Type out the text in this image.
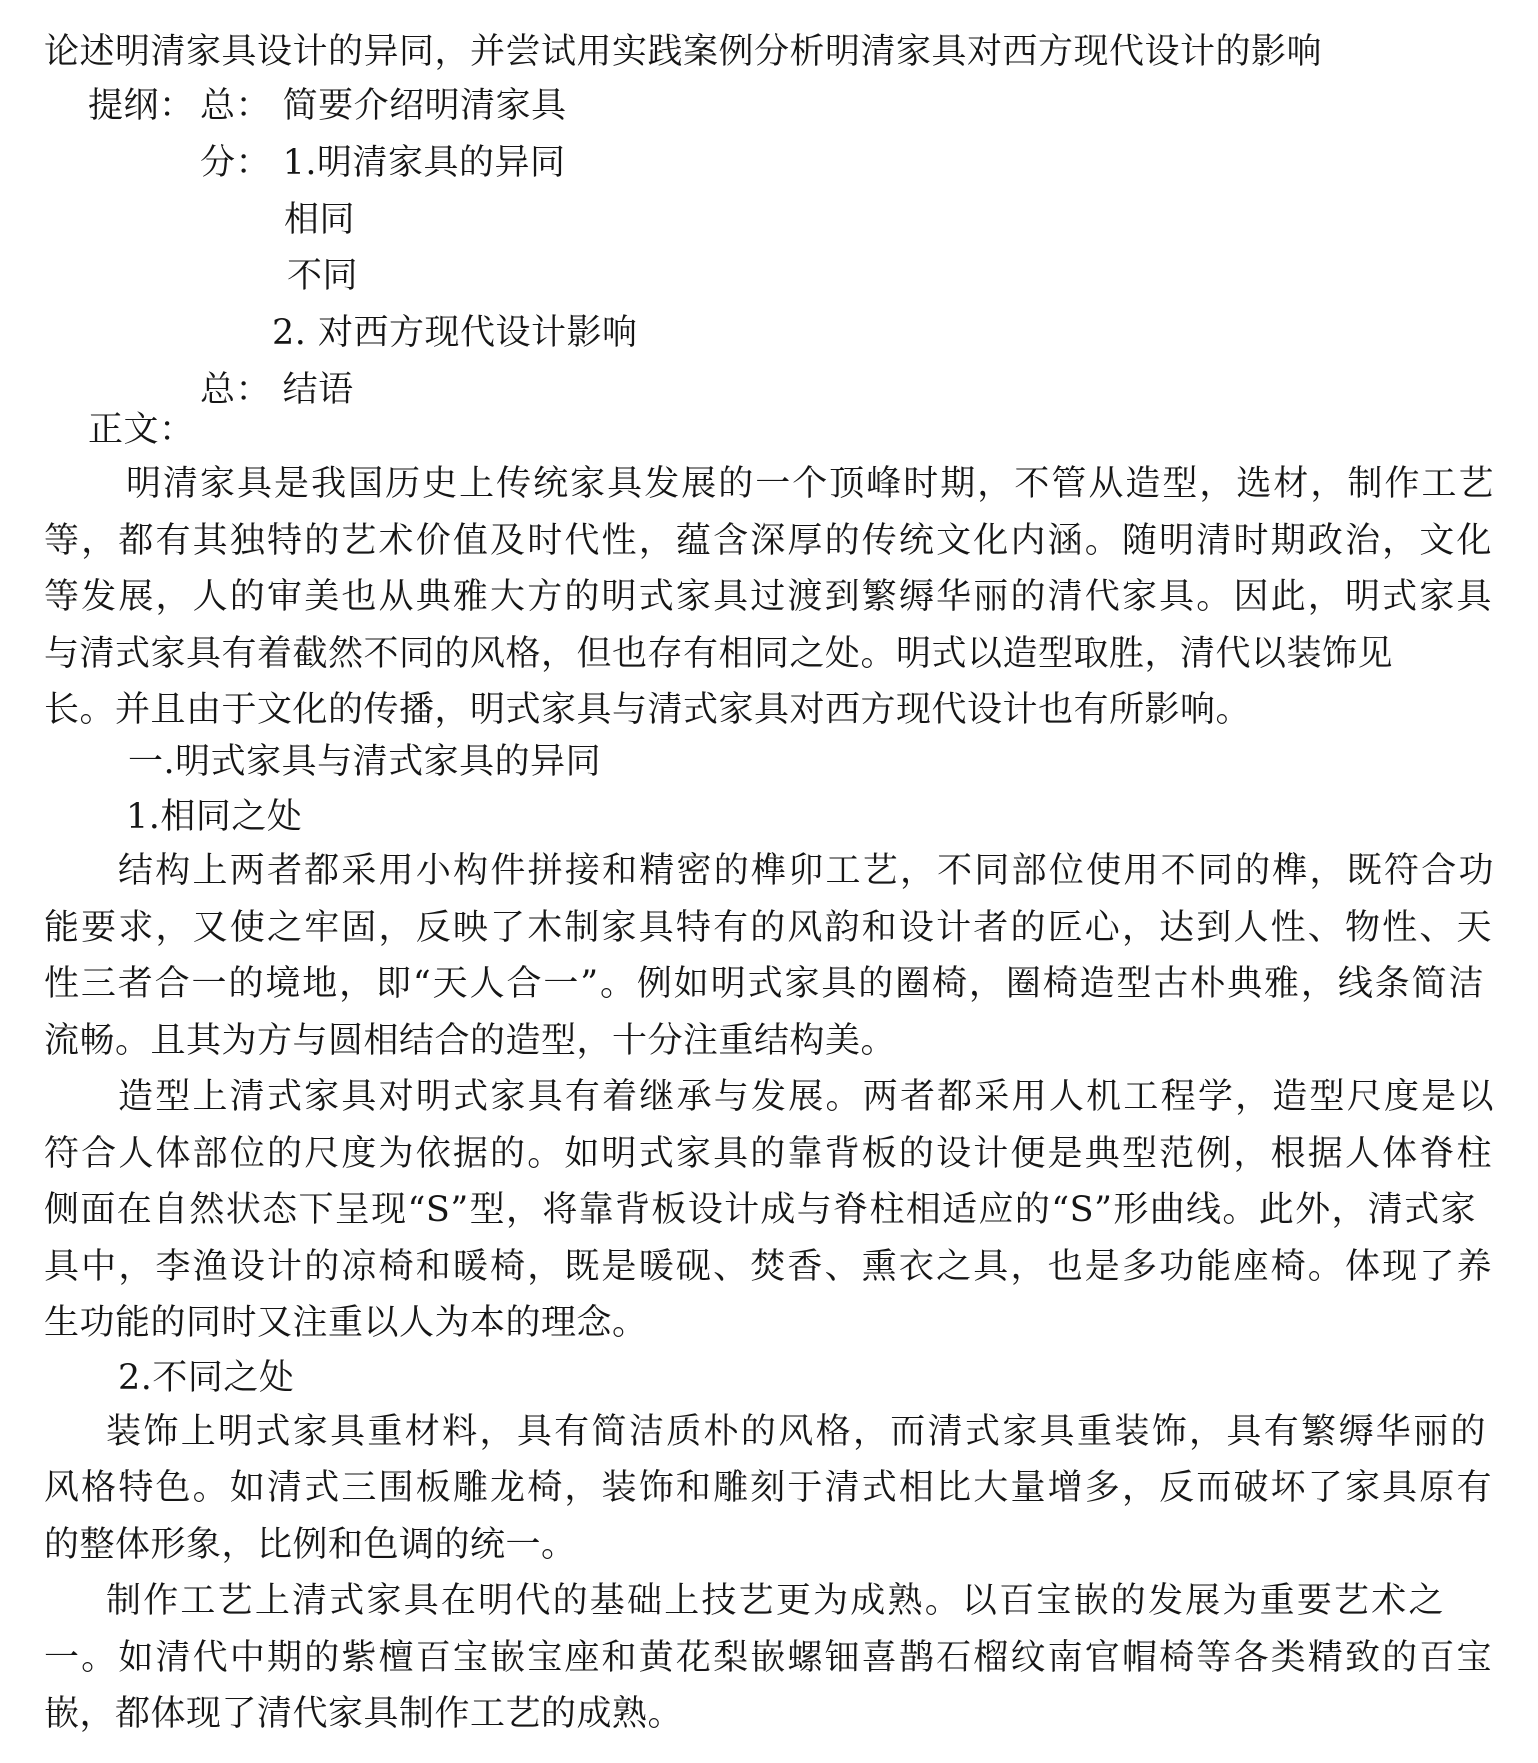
论述明清家具设计的异同，并尝试用实践案例分析明清家具对西方现代设计的影响

提纲： 总： 简要介绍明清家具

分： 1.明清家具的异同

相同

不同

2. 对西方现代设计影响

总： 结语

正文：

明清家具是我国历史上传统家具发展的一个顶峰时期，不管从造型，选材，制作工艺

等，都有其独特的艺术价值及时代性，蕴含深厚的传统文化内涵。随明清时期政治，文化

等发展，人的审美也从典雅大方的明式家具过渡到繁缛华丽的清代家具。因此，明式家具

与清式家具有着截然不同的风格，但也存有相同之处。明式以造型取胜，清代以装饰见

长。并且由于文化的传播，明式家具与清式家具对西方现代设计也有所影响。

一.明式家具与清式家具的异同

1.相同之处

结构上两者都采用小构件拼接和精密的榫卯工艺，不同部位使用不同的榫，既符合功

能要求，又使之牢固，反映了木制家具特有的风韵和设计者的匠心，达到人性、物性、天

性三者合一的境地，即“天人合一”。例如明式家具的圈椅，圈椅造型古朴典雅，线条简洁

流畅。且其为方与圆相结合的造型，十分注重结构美。

造型上清式家具对明式家具有着继承与发展。两者都采用人机工程学，造型尺度是以

符合人体部位的尺度为依据的。如明式家具的靠背板的设计便是典型范例，根据人体脊柱

侧面在自然状态下呈现“S”型，将靠背板设计成与脊柱相适应的“S”形曲线。此外，清式家

具中，李渔设计的凉椅和暖椅，既是暖砚、焚香、熏衣之具，也是多功能座椅。体现了养

生功能的同时又注重以人为本的理念。

2.不同之处

装饰上明式家具重材料，具有简洁质朴的风格，而清式家具重装饰，具有繁缛华丽的

风格特色。如清式三围板雕龙椅，装饰和雕刻于清式相比大量增多，反而破坏了家具原有

的整体形象，比例和色调的统一。

制作工艺上清式家具在明代的基础上技艺更为成熟。以百宝嵌的发展为重要艺术之

一。如清代中期的紫檀百宝嵌宝座和黄花梨嵌螺钿喜鹊石榴纹南官帽椅等各类精致的百宝

嵌，都体现了清代家具制作工艺的成熟。
